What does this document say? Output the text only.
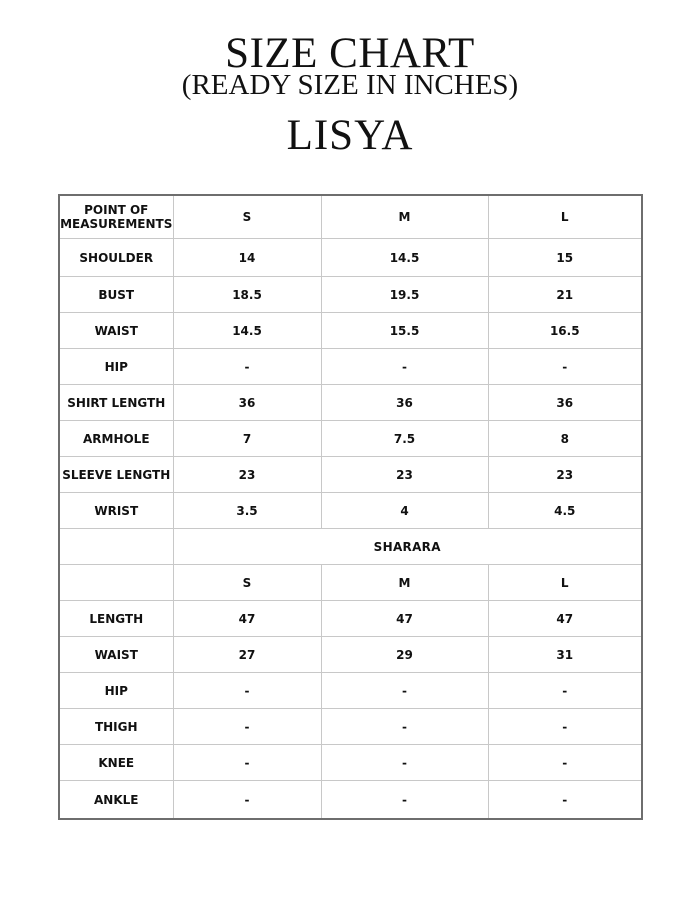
SIZE CHART
(READY SIZE IN INCHES)
LISYA
POINT OF MEASUREMENTS	S	M	L
SHOULDER	14	14.5	15
BUST	18.5	19.5	21
WAIST	14.5	15.5	16.5
HIP	-	-	-
SHIRT LENGTH	36	36	36
ARMHOLE	7	7.5	8
SLEEVE LENGTH	23	23	23
WRIST	3.5	4	4.5
	SHARARA		
	S	M	L
LENGTH	47	47	47
WAIST	27	29	31
HIP	-	-	-
THIGH	-	-	-
KNEE	-	-	-
ANKLE	-	-	-
